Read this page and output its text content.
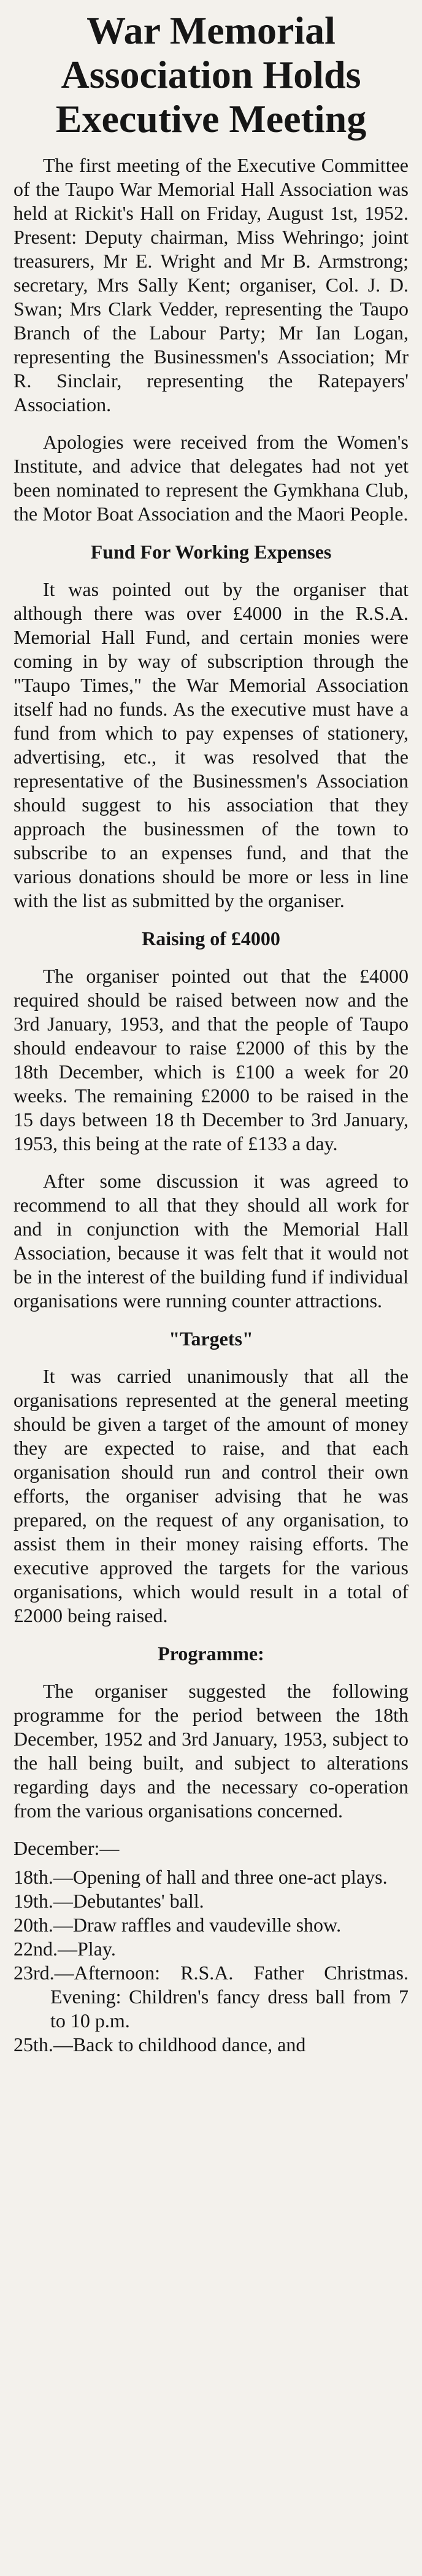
War Memorial Association Holds Executive Meeting

The first meeting of the Executive Committee of the Taupo War Memorial Hall Association was held at Rickit's Hall on Friday, August 1st, 1952. Present: Deputy chairman, Miss Wehringo; joint treasurers, Mr E. Wright and Mr B. Armstrong; secretary, Mrs Sally Kent; organiser, Col. J. D. Swan; Mrs Clark Vedder, representing the Taupo Branch of the Labour Party; Mr Ian Logan, representing the Businessmen's Association; Mr R. Sinclair, representing the Ratepayers' Association.

Apologies were received from the Women's Institute, and advice that delegates had not yet been nominated to represent the Gymkhana Club, the Motor Boat Association and the Maori People.

Fund For Working Expenses

It was pointed out by the organiser that although there was over £4000 in the R.S.A. Memorial Hall Fund, and certain monies were coming in by way of subscription through the "Taupo Times," the War Memorial Association itself had no funds. As the executive must have a fund from which to pay expenses of stationery, advertising, etc., it was resolved that the representative of the Businessmen's Association should suggest to his association that they approach the businessmen of the town to subscribe to an expenses fund, and that the various donations should be more or less in line with the list as submitted by the organiser.

Raising of £4000

The organiser pointed out that the £4000 required should be raised between now and the 3rd January, 1953, and that the people of Taupo should endeavour to raise £2000 of this by the 18th December, which is £100 a week for 20 weeks. The remaining £2000 to be raised in the 15 days between 18 th December to 3rd January, 1953, this being at the rate of £133 a day.

After some discussion it was agreed to recommend to all that they should all work for and in conjunction with the Memorial Hall Association, because it was felt that it would not be in the interest of the building fund if individual organisations were running counter attractions.

"Targets"

It was carried unanimously that all the organisations represented at the general meeting should be given a target of the amount of money they are expected to raise, and that each organisation should run and control their own efforts, the organiser advising that he was prepared, on the request of any organisation, to assist them in their money raising efforts. The executive approved the targets for the various organisations, which would result in a total of £2000 being raised.

Programme:

The organiser suggested the following programme for the period between the 18th December, 1952 and 3rd January, 1953, subject to the hall being built, and subject to alterations regarding days and the necessary co-operation from the various organisations concerned.

December:—
18th.—Opening of hall and three one-act plays.
19th.—Debutantes' ball.
20th.—Draw raffles and vaudeville show.
22nd.—Play.
23rd.—Afternoon: R.S.A. Father Christmas. Evening: Children's fancy dress ball from 7 to 10 p.m.
25th.—Back to childhood dance, and
